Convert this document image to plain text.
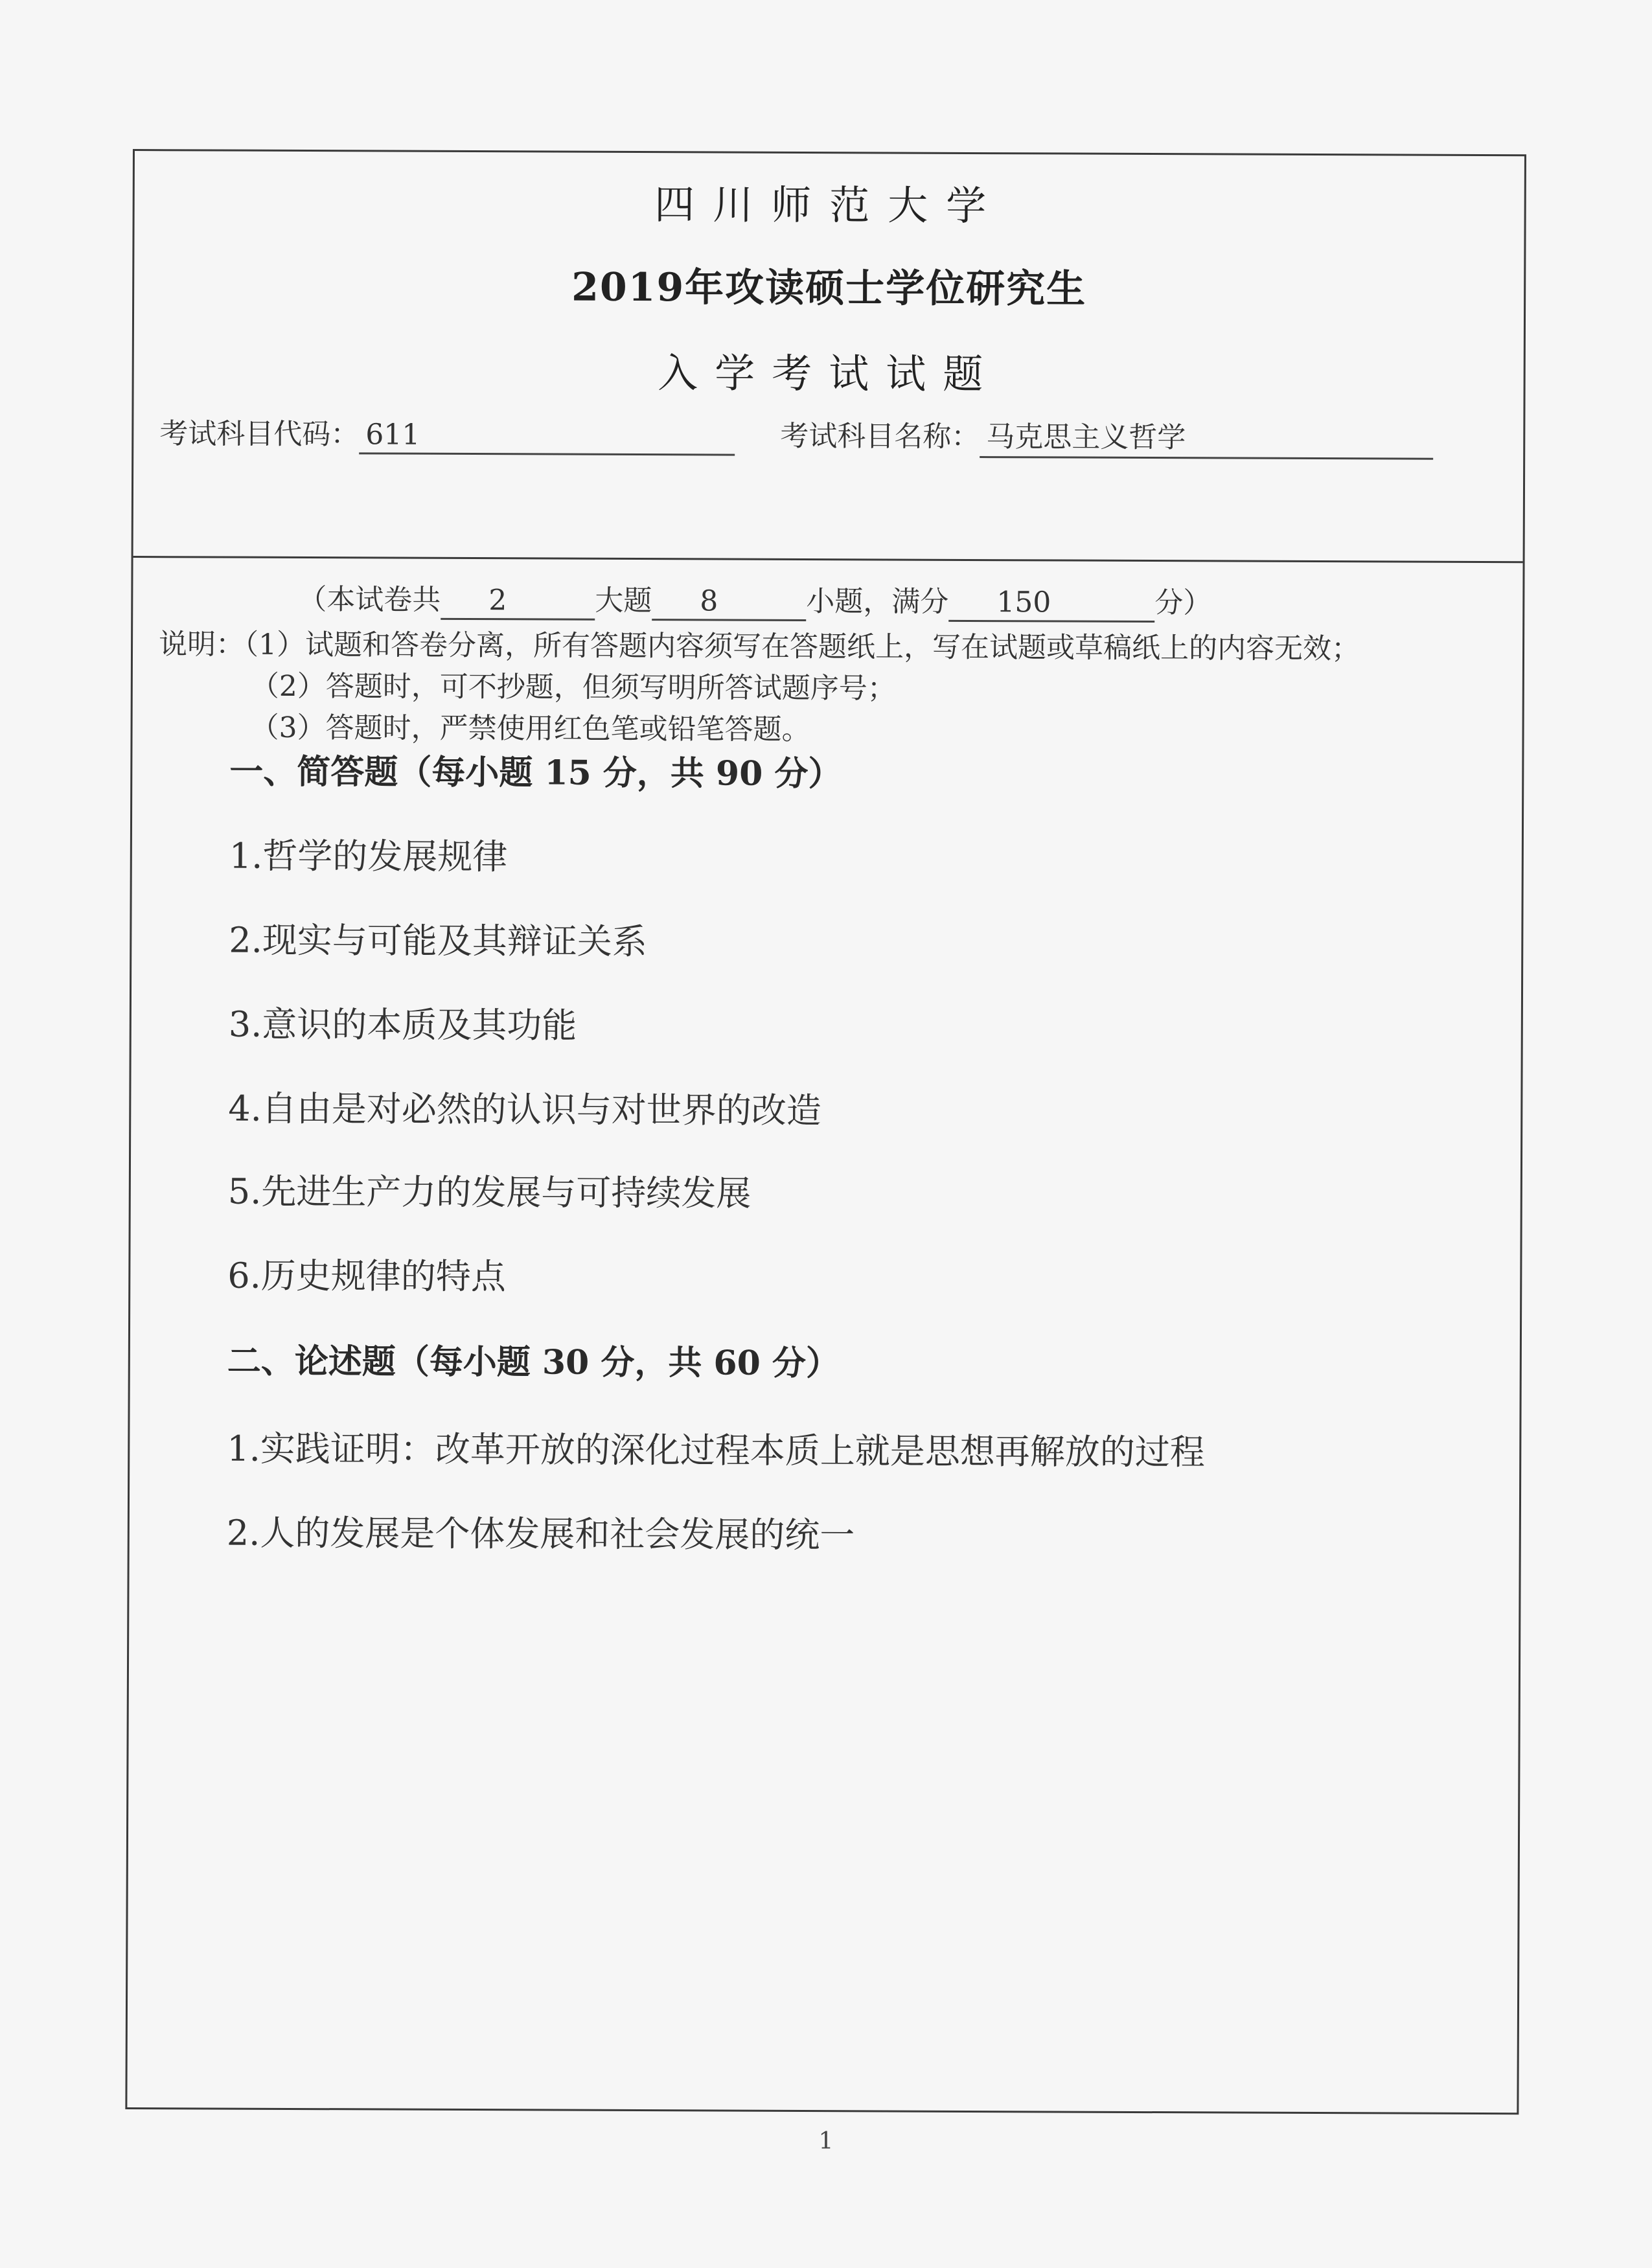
四川师范大学
2019年攻读硕士学位研究生
入学考试试题
考试科目代码： 611	考试科目名称： 马克思主义哲学
（本试卷共 2	大题 8	小题，满分 150	分）
说明：（1）试题和答卷分离，所有答题内容须写在答题纸上，写在试题或草稿纸上的内容无效；
（2）答题时，可不抄题，但须写明所答试题序号；
（3）答题时，严禁使用红色笔或铅笔答题。
一、简答题（每小题 15 分，共 90 分）
1.哲学的发展规律
2.现实与可能及其辩证关系
3.意识的本质及其功能
4.自由是对必然的认识与对世界的改造
5.先进生产力的发展与可持续发展
6.历史规律的特点
二、论述题（每小题 30 分，共 60 分）
1.实践证明：改革开放的深化过程本质上就是思想再解放的过程
2.人的发展是个体发展和社会发展的统一
1
